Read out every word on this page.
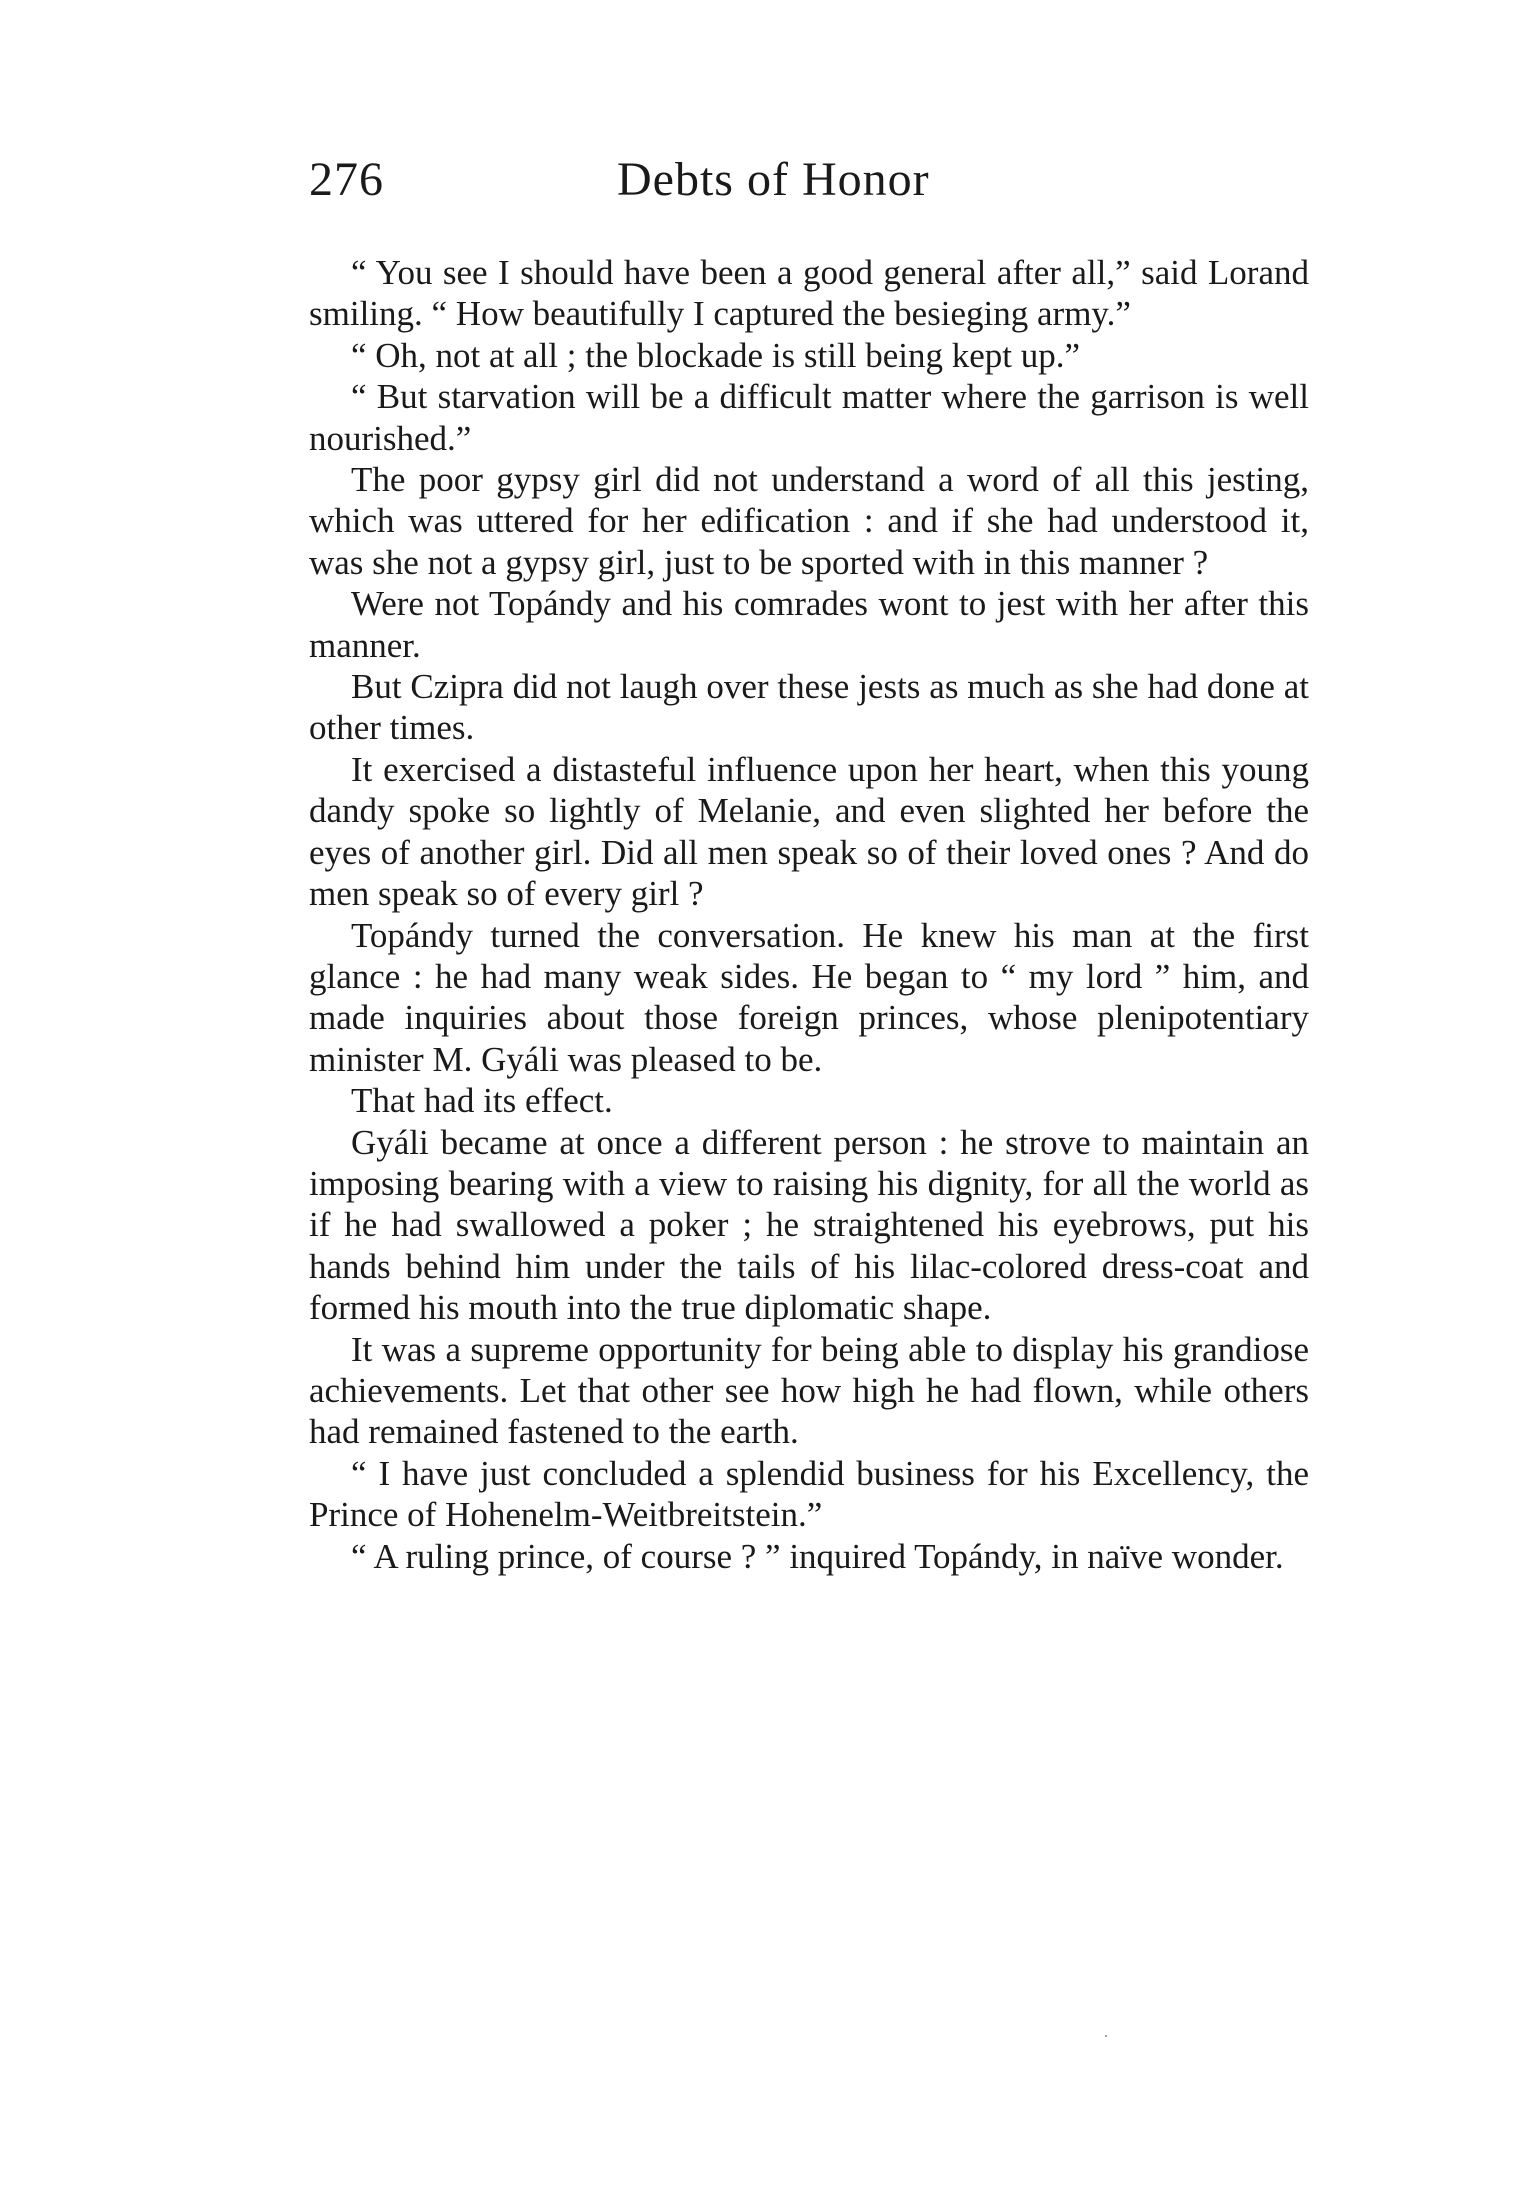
276	Debts of Honor

“ You see I should have been a good general after all,” said Lorand smiling. “ How beautifully I captured the besieging army.”

“ Oh, not at all ; the blockade is still being kept up.”

“ But starvation will be a difficult matter where the garrison is well nourished.”

The poor gypsy girl did not understand a word of all this jesting, which was uttered for her edification : and if she had understood it, was she not a gypsy girl, just to be sported with in this manner ?

Were not Topándy and his comrades wont to jest with her after this manner.

But Czipra did not laugh over these jests as much as she had done at other times.

It exercised a distasteful influence upon her heart, when this young dandy spoke so lightly of Melanie, and even slighted her before the eyes of another girl. Did all men speak so of their loved ones ? And do men speak so of every girl ?

Topándy turned the conversation. He knew his man at the first glance : he had many weak sides. He began to “ my lord ” him, and made inquiries about those foreign princes, whose plenipotentiary minister M. Gyáli was pleased to be.

That had its effect.

Gyáli became at once a different person : he strove to maintain an imposing bearing with a view to raising his dignity, for all the world as if he had swallowed a poker ; he straightened his eyebrows, put his hands behind him under the tails of his lilac-colored dress-coat and formed his mouth into the true diplomatic shape.

It was a supreme opportunity for being able to display his grandiose achievements. Let that other see how high he had flown, while others had remained fastened to the earth.

“ I have just concluded a splendid business for his Excellency, the Prince of Hohenelm-Weitbreitstein.”

“ A ruling prince, of course ? ” inquired Topándy, in naïve wonder.
